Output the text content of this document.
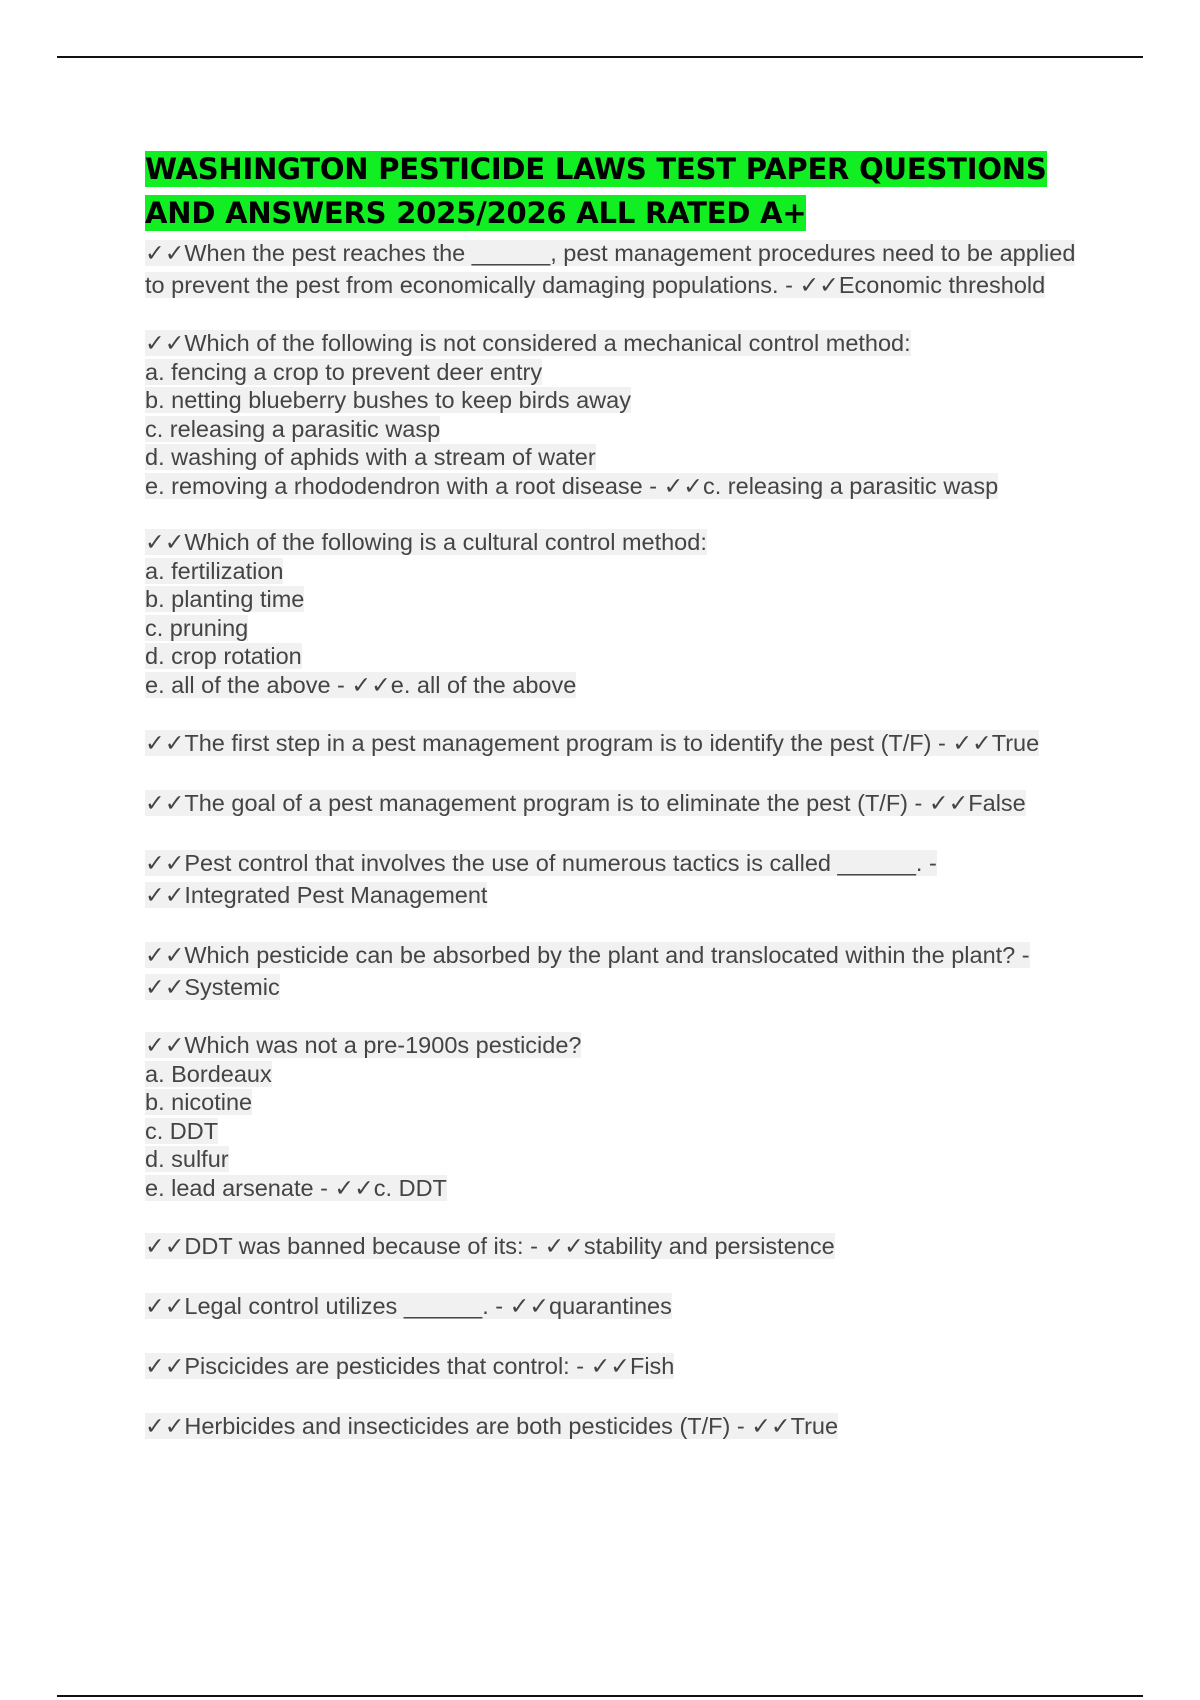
WASHINGTON PESTICIDE LAWS TEST PAPER QUESTIONS AND ANSWERS 2025/2026 ALL RATED A+
✓✓When the pest reaches the ______, pest management procedures need to be applied
to prevent the pest from economically damaging populations. - ✓✓Economic threshold
✓✓Which of the following is not considered a mechanical control method:
a. fencing a crop to prevent deer entry
b. netting blueberry bushes to keep birds away
c. releasing a parasitic wasp
d. washing of aphids with a stream of water
e. removing a rhododendron with a root disease - ✓✓c. releasing a parasitic wasp
✓✓Which of the following is a cultural control method:
a. fertilization
b. planting time
c. pruning
d. crop rotation
e. all of the above - ✓✓e. all of the above
✓✓The first step in a pest management program is to identify the pest (T/F) - ✓✓True
✓✓The goal of a pest management program is to eliminate the pest (T/F) - ✓✓False
✓✓Pest control that involves the use of numerous tactics is called ______. -
✓✓Integrated Pest Management
✓✓Which pesticide can be absorbed by the plant and translocated within the plant? -
✓✓Systemic
✓✓Which was not a pre-1900s pesticide?
a. Bordeaux
b. nicotine
c. DDT
d. sulfur
e. lead arsenate - ✓✓c. DDT
✓✓DDT was banned because of its: - ✓✓stability and persistence
✓✓Legal control utilizes ______. - ✓✓quarantines
✓✓Piscicides are pesticides that control: - ✓✓Fish
✓✓Herbicides and insecticides are both pesticides (T/F) - ✓✓True
